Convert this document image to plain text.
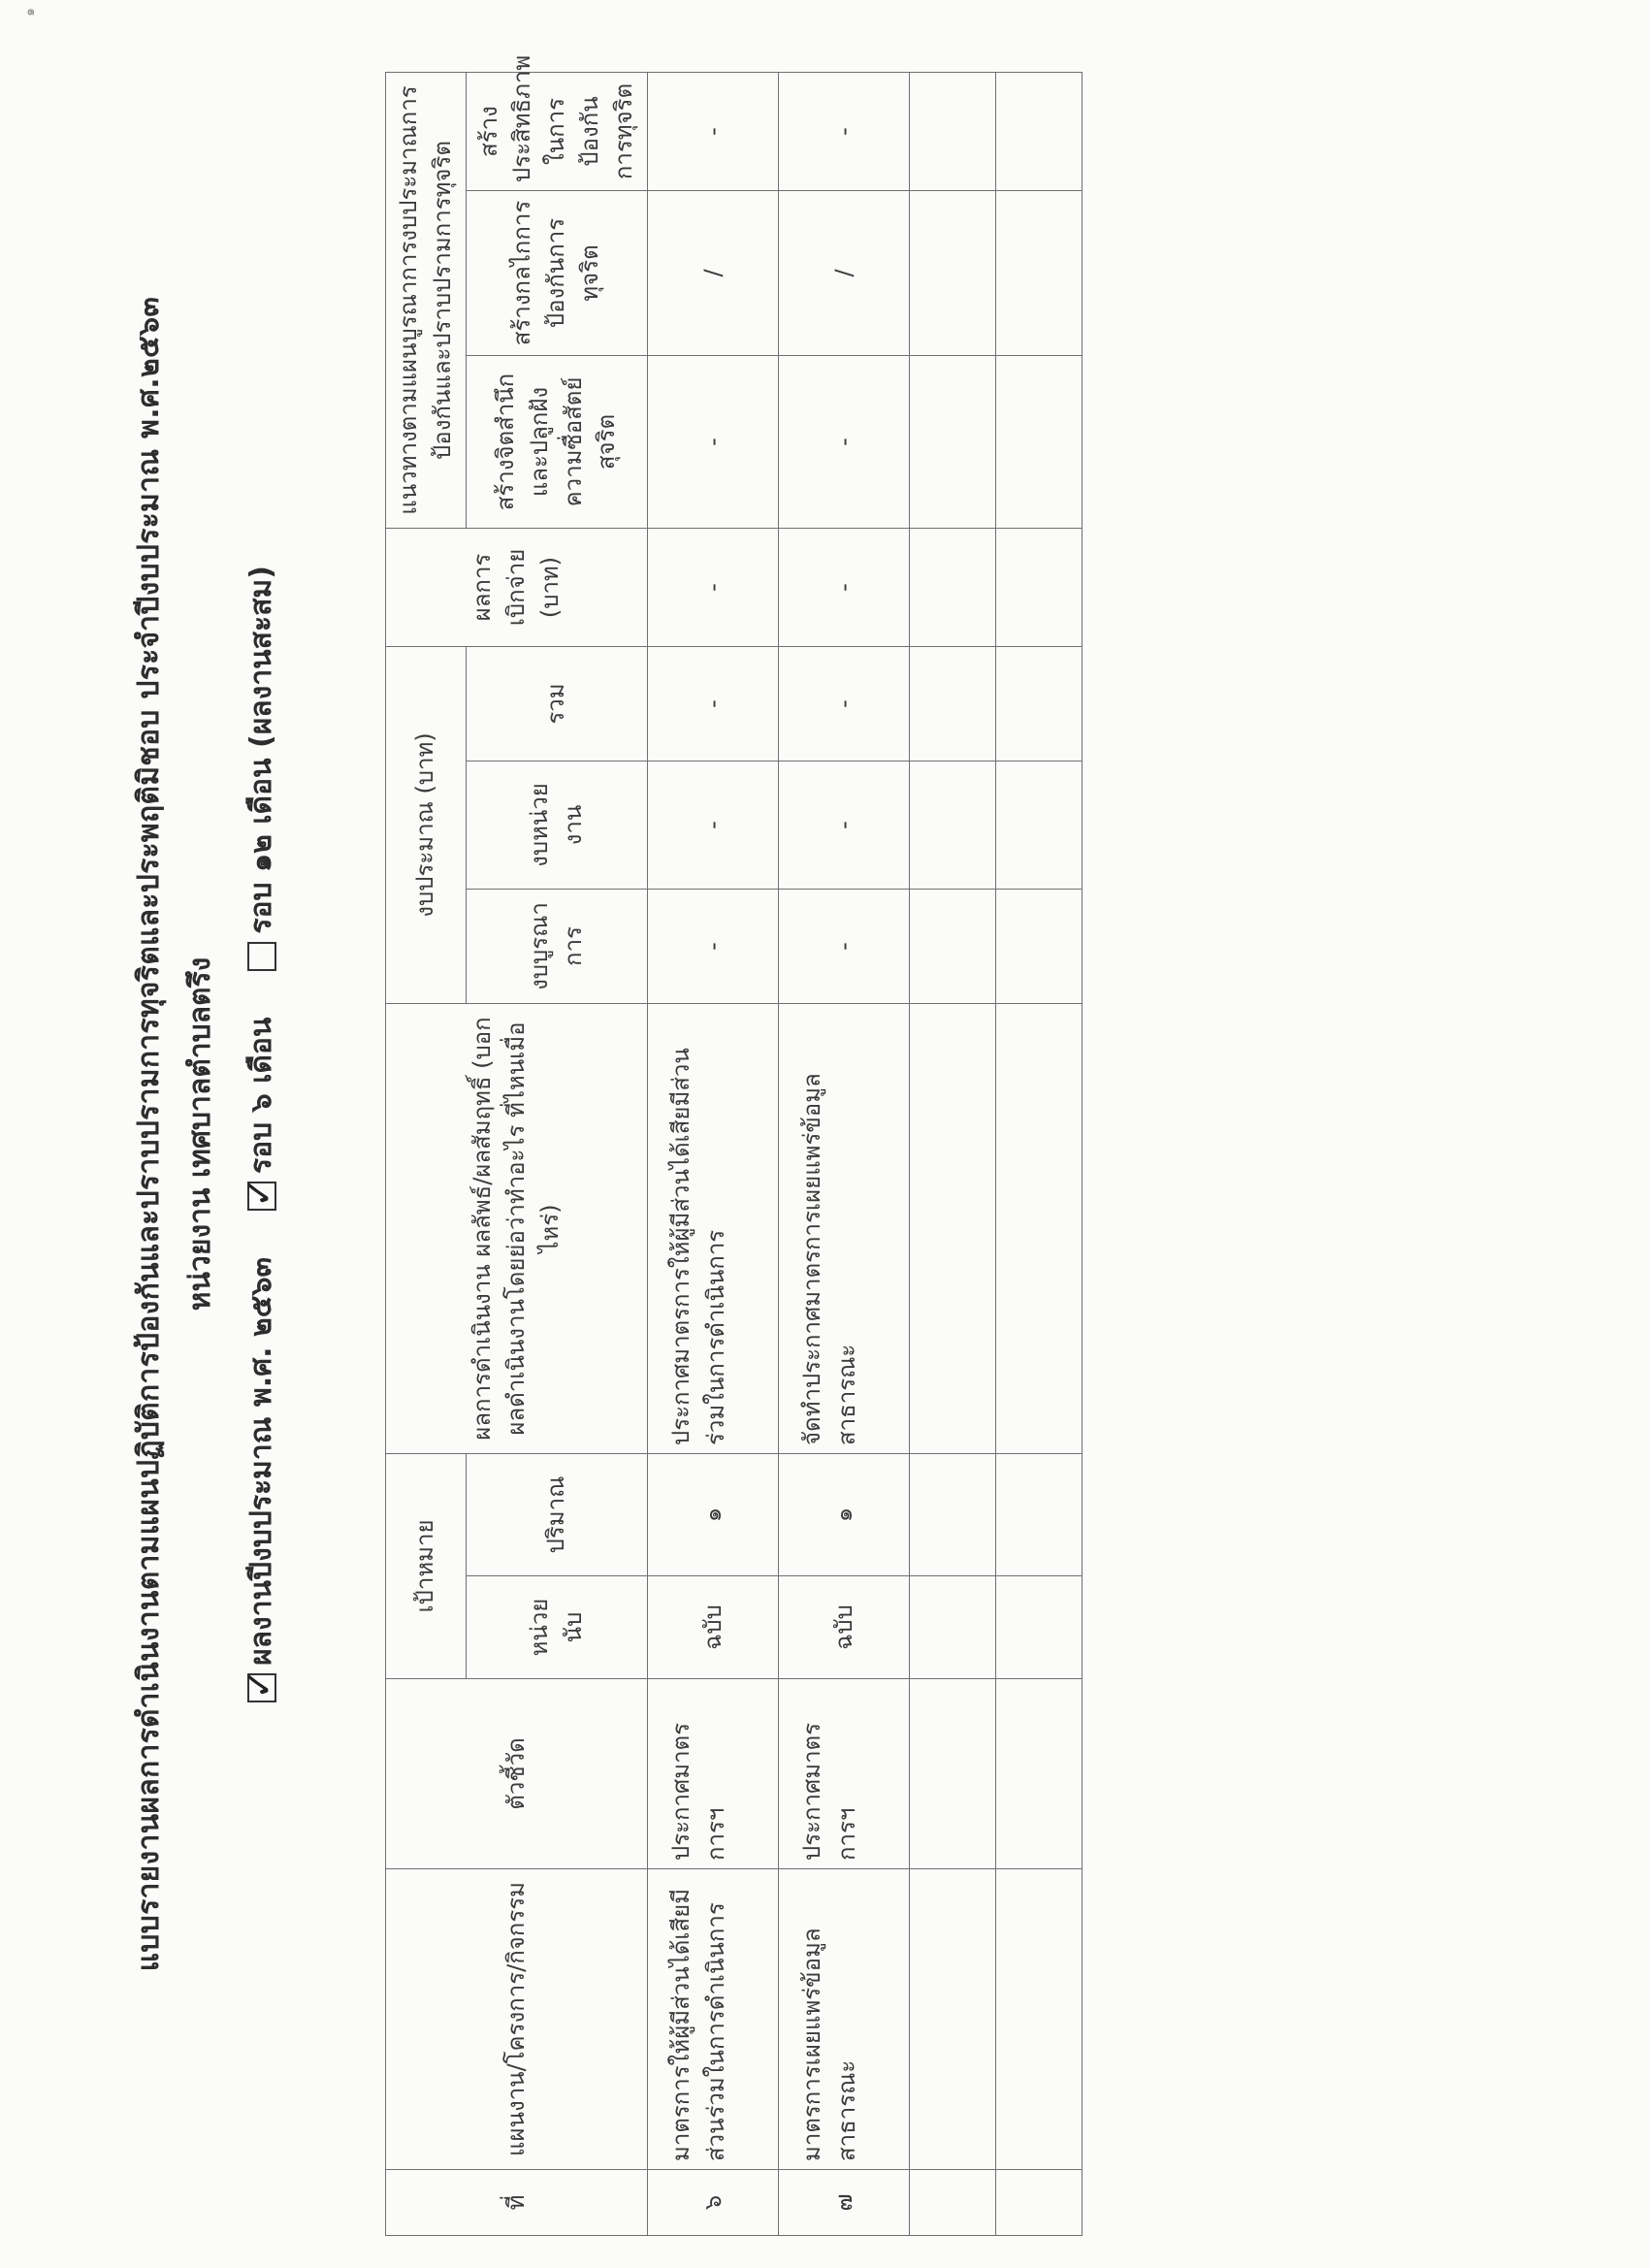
๑
แบบรายงานผลการดำเนินงานตามแผนปฏิบัติการป้องกันและปราบปรามการทุจริตและประพฤติมิชอบ ประจำปีงบประมาณ พ.ศ.๒๕๖๓ หน่วยงาน เทศบาลตำบลตรึง
✓
ผลงานปีงบประมาณ พ.ศ. ๒๕๖๓
✓
รอบ ๖ เดือน
รอบ ๑๒ เดือน (ผลงานสะสม)
ที่	แผนงาน/โครงการ/กิจกรรม	ตัวชี้วัด	เป้าหมาย		ผลการดำเนินงาน ผลลัพธ์/ผลสัมฤทธิ์ (บอกผลดำเนินงานโดยย่อว่าทำอะไร ที่ไหนเมื่อไหร่)	งบประมาณ (บาท)			ผลการเบิกจ่าย (บาท)	แนวทางตามแผนบูรณาการงบประมาณการป้องกันและปราบปรามการทุจริต		
			หน่วยนับ	ปริมาณ		งบบูรณาการ	งบหน่วยงาน	รวม		สร้างจิตสำนึกและปลูกฝังความซื่อสัตย์สุจริต	สร้างกลไกการป้องกันการทุจริต	สร้างประสิทธิภาพในการป้องกันการทุจริต
๖	มาตรการให้ผู้มีส่วนได้เสียมีส่วนร่วมในการดำเนินการ	ประกาศมาตรการฯ	ฉบับ	๑	ประกาศมาตรการให้ผู้มีส่วนได้เสียมีส่วนร่วมในการดำเนินการ	-	-	-	-	-	/	-
๗	มาตรการเผยแพร่ข้อมูลสาธารณะ	ประกาศมาตรการฯ	ฉบับ	๑	จัดทำประกาศมาตรการเผยแพร่ข้อมูลสาธารณะ	-	-	-	-	-	/	-
